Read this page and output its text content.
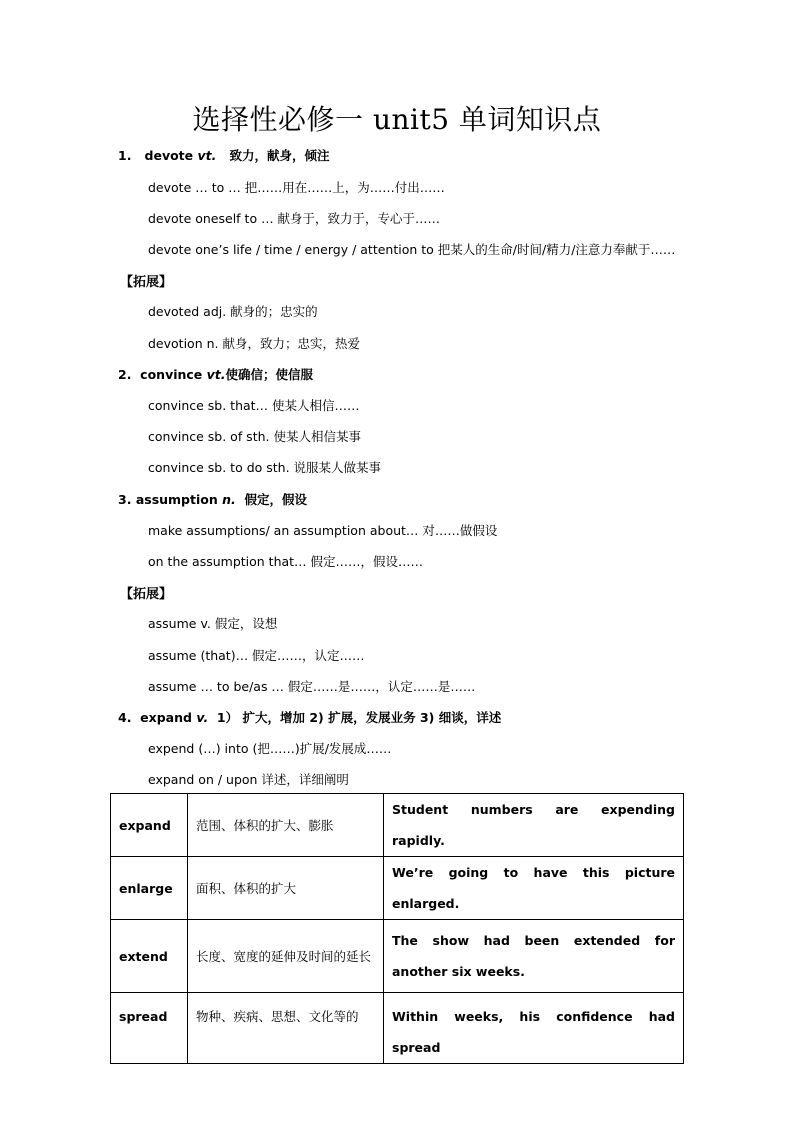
选择性必修一 unit5 单词知识点
1. devote vt. 致力，献身，倾注
devote … to … 把……用在……上，为……付出……
devote oneself to … 献身于，致力于，专心于……
devote one’s life / time / energy / attention to 把某人的生命/时间/精力/注意力奉献于……
【拓展】
devoted adj. 献身的；忠实的
devotion n. 献身，致力；忠实，热爱
2. convince vt.使确信；使信服
convince sb. that… 使某人相信……
convince sb. of sth. 使某人相信某事
convince sb. to do sth. 说服某人做某事
3. assumption n. 假定，假设
make assumptions/ an assumption about… 对……做假设
on the assumption that… 假定……，假设……
【拓展】
assume v. 假定，设想
assume (that)… 假定……，认定……
assume … to be/as … 假定……是……，认定……是……
4. expand v. 1） 扩大，增加 2) 扩展，发展业务 3) 细谈，详述
expend (…) into (把……)扩展/发展成……
expand on / upon 详述，详细阐明
expand	范围、体积的扩大、膨胀	Student numbers are expending rapidly.
enlarge	面积、体积的扩大	We’re going to have this picture enlarged.
extend	长度、宽度的延伸及时间的延长	The show had been extended for another six weeks.
spread	物种、疾病、思想、文化等的	Within weeks, his confidence had spread
